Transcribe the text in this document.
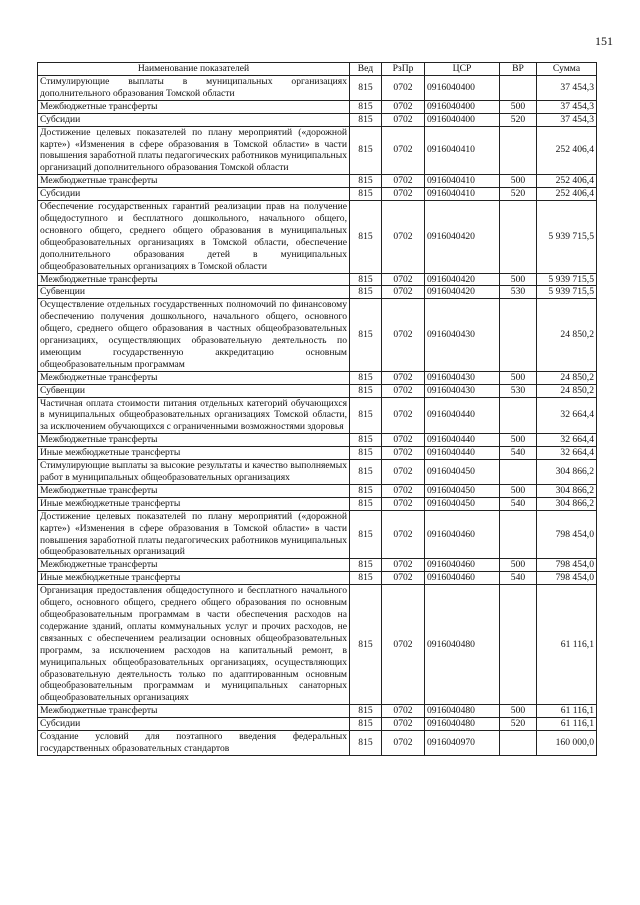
151
Наименование показателей	Вед	РзПр	ЦСР	ВР	Сумма
Стимулирующие выплаты в муниципальных организациях дополнительного образования Томской области	815	0702	0916040400		37 454,3
Межбюджетные трансферты	815	0702	0916040400	500	37 454,3
Субсидии	815	0702	0916040400	520	37 454,3
Достижение целевых показателей по плану мероприятий («дорожной карте») «Изменения в сфере образования в Томской области» в части повышения заработной платы педагогических работников муниципальных организаций дополнительного образования Томской области	815	0702	0916040410		252 406,4
Межбюджетные трансферты	815	0702	0916040410	500	252 406,4
Субсидии	815	0702	0916040410	520	252 406,4
Обеспечение государственных гарантий реализации прав на получение общедоступного и бесплатного дошкольного, начального общего, основного общего, среднего общего образования в муниципальных общеобразовательных организациях в Томской области, обеспечение дополнительного образования детей в муниципальных общеобразовательных организациях в Томской области	815	0702	0916040420		5 939 715,5
Межбюджетные трансферты	815	0702	0916040420	500	5 939 715,5
Субвенции	815	0702	0916040420	530	5 939 715,5
Осуществление отдельных государственных полномочий по финансовому обеспечению получения дошкольного, начального общего, основного общего, среднего общего образования в частных общеобразовательных организациях, осуществляющих образовательную деятельность по имеющим государственную аккредитацию основным общеобразовательным программам	815	0702	0916040430		24 850,2
Межбюджетные трансферты	815	0702	0916040430	500	24 850,2
Субвенции	815	0702	0916040430	530	24 850,2
Частичная оплата стоимости питания отдельных категорий обучающихся в муниципальных общеобразовательных организациях Томской области, за исключением обучающихся с ограниченными возможностями здоровья	815	0702	0916040440		32 664,4
Межбюджетные трансферты	815	0702	0916040440	500	32 664,4
Иные межбюджетные трансферты	815	0702	0916040440	540	32 664,4
Стимулирующие выплаты за высокие результаты и качество выполняемых работ в муниципальных общеобразовательных организациях	815	0702	0916040450		304 866,2
Межбюджетные трансферты	815	0702	0916040450	500	304 866,2
Иные межбюджетные трансферты	815	0702	0916040450	540	304 866,2
Достижение целевых показателей по плану мероприятий («дорожной карте») «Изменения в сфере образования в Томской области» в части повышения заработной платы педагогических работников муниципальных общеобразовательных организаций	815	0702	0916040460		798 454,0
Межбюджетные трансферты	815	0702	0916040460	500	798 454,0
Иные межбюджетные трансферты	815	0702	0916040460	540	798 454,0
Организация предоставления общедоступного и бесплатного начального общего, основного общего, среднего общего образования по основным общеобразовательным программам в части обеспечения расходов на содержание зданий, оплаты коммунальных услуг и прочих расходов, не связанных с обеспечением реализации основных общеобразовательных программ, за исключением расходов на капитальный ремонт, в муниципальных общеобразовательных организациях, осуществляющих образовательную деятельность только по адаптированным основным общеобразовательным программам и муниципальных санаторных общеобразовательных организациях	815	0702	0916040480		61 116,1
Межбюджетные трансферты	815	0702	0916040480	500	61 116,1
Субсидии	815	0702	0916040480	520	61 116,1
Создание условий для поэтапного введения федеральных государственных образовательных стандартов	815	0702	0916040970		160 000,0
